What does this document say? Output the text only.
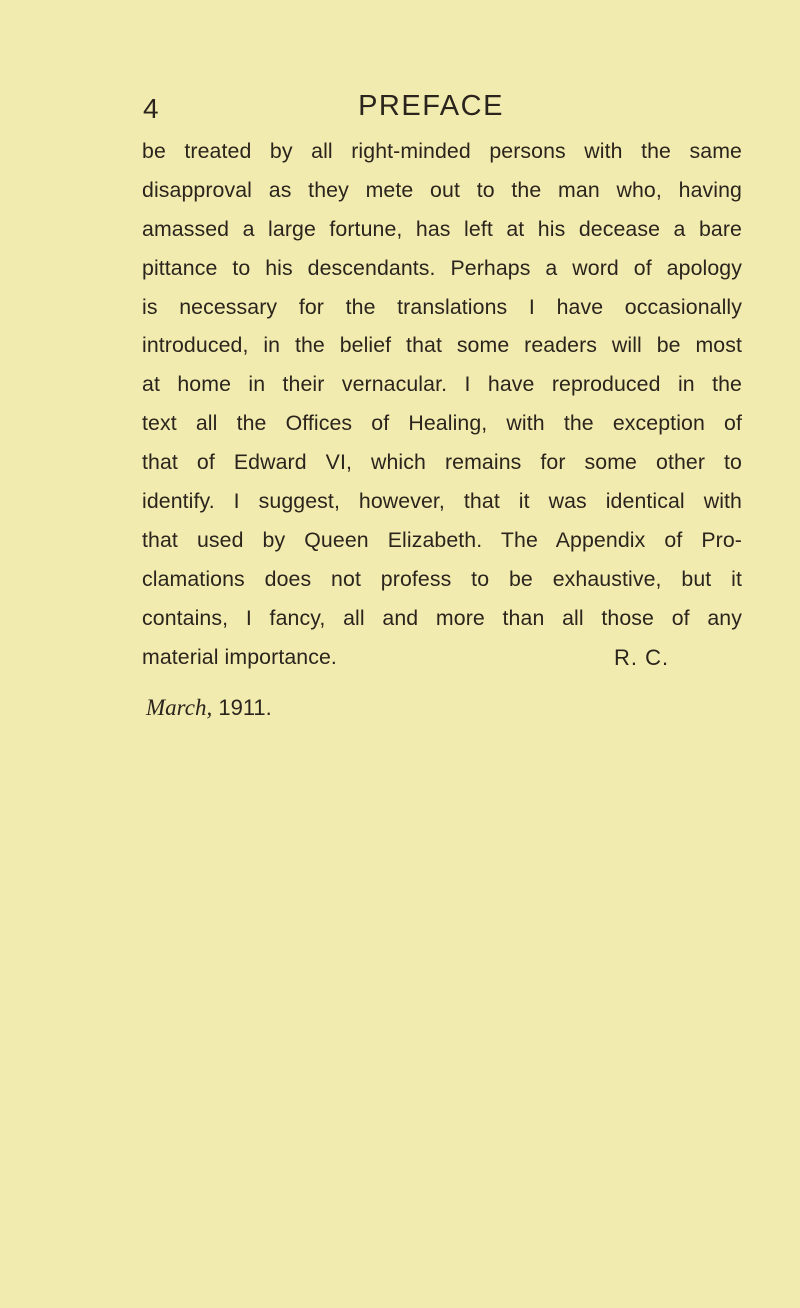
4	PREFACE
be treated by all right-minded persons with the same
disapproval as they mete out to the man who, having
amassed a large fortune, has left at his decease a bare
pittance to his descendants. Perhaps a word of apology
is necessary for the translations I have occasionally
introduced, in the belief that some readers will be most
at home in their vernacular. I have reproduced in the
text all the Offices of Healing, with the exception of
that of Edward VI, which remains for some other to
identify. I suggest, however, that it was identical with
that used by Queen Elizabeth. The Appendix of Pro-
clamations does not profess to be exhaustive, but it
contains, I fancy, all and more than all those of any
material importance.	R. C.
March, 1911.
